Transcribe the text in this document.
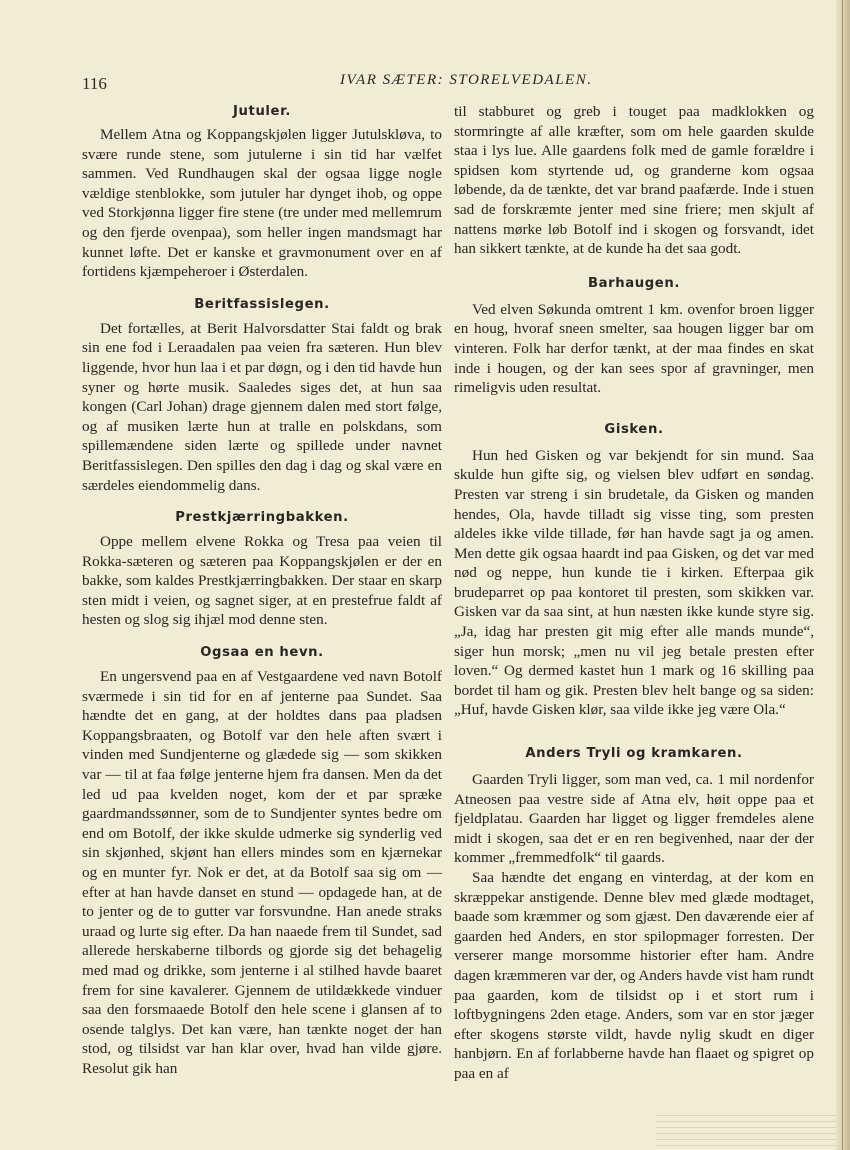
116	IVAR SÆTER: STORELVEDALEN.
Jutuler.

Mellem Atna og Koppangskjølen ligger Jutulskløva, to svære runde stene, som jutulerne i sin tid har vælfet sammen. Ved Rundhaugen skal der ogsaa ligge nogle vældige stenblokke, som jutuler har dynget ihob, og oppe ved Storkjønna ligger fire stene (tre under med mellemrum og den fjerde ovenpaa), som heller ingen mandsmagt har kunnet løfte. Det er kanske et gravmonument over en af fortidens kjæmpeheroer i Østerdalen.

Beritfassislegen.

Det fortælles, at Berit Halvorsdatter Stai faldt og brak sin ene fod i Leraadalen paa veien fra sæteren. Hun blev liggende, hvor hun laa i et par døgn, og i den tid havde hun syner og hørte musik. Saaledes siges det, at hun saa kongen (Carl Johan) drage gjennem dalen med stort følge, og af musiken lærte hun at tralle en polskdans, som spillemændene siden lærte og spillede under navnet Beritfassislegen. Den spilles den dag i dag og skal være en særdeles eiendommelig dans.

Prestkjærringbakken.

Oppe mellem elvene Rokka og Tresa paa veien til Rokka-sæteren og sæteren paa Koppangskjølen er der en bakke, som kaldes Prestkjærringbakken. Der staar en skarp sten midt i veien, og sagnet siger, at en prestefrue faldt af hesten og slog sig ihjæl mod denne sten.

Ogsaa en hevn.

En ungersvend paa en af Vestgaardene ved navn Botolf sværmede i sin tid for en af jenterne paa Sundet. Saa hændte det en gang, at der holdtes dans paa pladsen Koppangsbraaten, og Botolf var den hele aften svært i vinden med Sundjenterne og glædede sig — som skikken var — til at faa følge jenterne hjem fra dansen. Men da det led ud paa kvelden noget, kom der et par spræke gaardmandssønner, som de to Sundjenter syntes bedre om end om Botolf, der ikke skulde udmerke sig synderlig ved sin skjønhed, skjønt han ellers mindes som en kjærnekar og en munter fyr. Nok er det, at da Botolf saa sig om — efter at han havde danset en stund — opdagede han, at de to jenter og de to gutter var forsvundne. Han anede straks uraad og lurte sig efter. Da han naaede frem til Sundet, sad allerede herskaberne tilbords og gjorde sig det behagelig med mad og drikke, som jenterne i al stilhed havde baaret frem for sine kavalerer. Gjennem de utildækkede vinduer saa den forsmaaede Botolf den hele scene i glansen af to osende talglys. Det kan være, han tænkte noget der han stod, og tilsidst var han klar over, hvad han vilde gjøre. Resolut gik han

til stabburet og greb i touget paa madklokken og stormringte af alle kræfter, som om hele gaarden skulde staa i lys lue. Alle gaardens folk med de gamle forældre i spidsen kom styrtende ud, og granderne kom ogsaa løbende, da de tænkte, det var brand paafærde. Inde i stuen sad de forskræmte jenter med sine friere; men skjult af nattens mørke løb Botolf ind i skogen og forsvandt, idet han sikkert tænkte, at de kunde ha det saa godt.

Barhaugen.

Ved elven Søkunda omtrent 1 km. ovenfor broen ligger en houg, hvoraf sneen smelter, saa hougen ligger bar om vinteren. Folk har derfor tænkt, at der maa findes en skat inde i hougen, og der kan sees spor af gravninger, men rimeligvis uden resultat.

Gisken.

Hun hed Gisken og var bekjendt for sin mund. Saa skulde hun gifte sig, og vielsen blev udført en søndag. Presten var streng i sin brudetale, da Gisken og manden hendes, Ola, havde tilladt sig visse ting, som presten aldeles ikke vilde tillade, før han havde sagt ja og amen. Men dette gik ogsaa haardt ind paa Gisken, og det var med nød og neppe, hun kunde tie i kirken. Efterpaa gik brudeparret op paa kontoret til presten, som skikken var. Gisken var da saa sint, at hun næsten ikke kunde styre sig. „Ja, idag har presten git mig efter alle mands munde“, siger hun morsk; „men nu vil jeg betale presten efter loven.“ Og dermed kastet hun 1 mark og 16 skilling paa bordet til ham og gik. Presten blev helt bange og sa siden: „Huf, havde Gisken klør, saa vilde ikke jeg være Ola.“

Anders Tryli og kramkaren.

Gaarden Tryli ligger, som man ved, ca. 1 mil nordenfor Atneosen paa vestre side af Atna elv, høit oppe paa et fjeldplatau. Gaarden har ligget og ligger fremdeles alene midt i skogen, saa det er en ren begivenhed, naar der der kommer „fremmedfolk“ til gaards.

Saa hændte det engang en vinterdag, at der kom en skræppekar anstigende. Denne blev med glæde modtaget, baade som kræmmer og som gjæst. Den daværende eier af gaarden hed Anders, en stor spilopmager forresten. Der verserer mange morsomme historier efter ham. Andre dagen kræmmeren var der, og Anders havde vist ham rundt paa gaarden, kom de tilsidst op i et stort rum i loftbygningens 2den etage. Anders, som var en stor jæger efter skogens største vildt, havde nylig skudt en diger hanbjørn. En af forlabberne havde han flaaet og spigret op paa en af
